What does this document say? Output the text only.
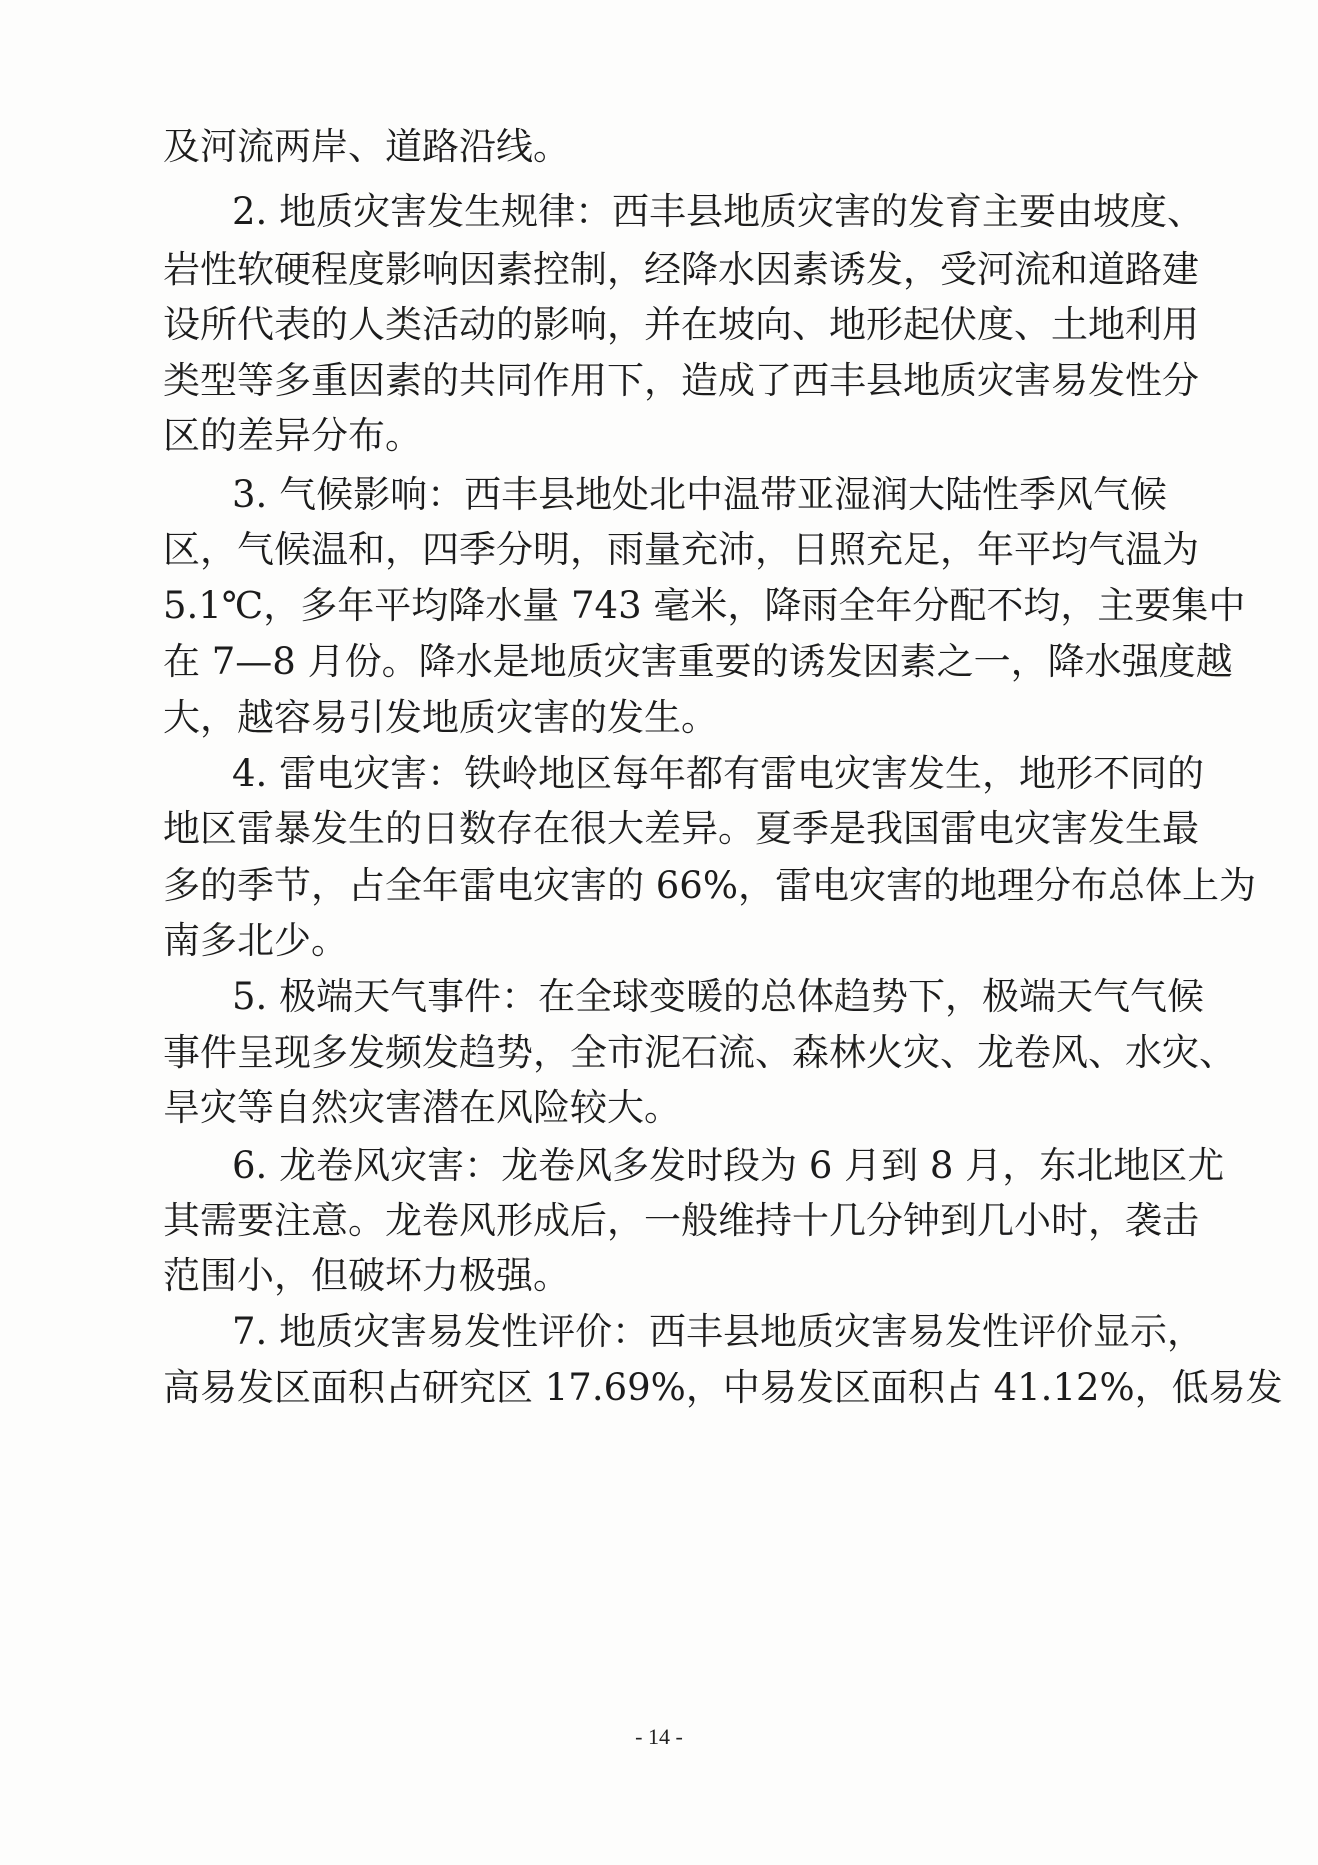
及河流两岸、道路沿线。
2. 地质灾害发生规律：西丰县地质灾害的发育主要由坡度、
岩性软硬程度影响因素控制，经降水因素诱发，受河流和道路建
设所代表的人类活动的影响，并在坡向、地形起伏度、土地利用
类型等多重因素的共同作用下，造成了西丰县地质灾害易发性分
区的差异分布。
3. 气候影响：西丰县地处北中温带亚湿润大陆性季风气候
区，气候温和，四季分明，雨量充沛，日照充足，年平均气温为
5.1℃，多年平均降水量 743 毫米，降雨全年分配不均，主要集中
在 7—8 月份。降水是地质灾害重要的诱发因素之一，降水强度越
大，越容易引发地质灾害的发生。
4. 雷电灾害：铁岭地区每年都有雷电灾害发生，地形不同的
地区雷暴发生的日数存在很大差异。夏季是我国雷电灾害发生最
多的季节，占全年雷电灾害的 66%，雷电灾害的地理分布总体上为
南多北少。
5. 极端天气事件：在全球变暖的总体趋势下，极端天气气候
事件呈现多发频发趋势，全市泥石流、森林火灾、龙卷风、水灾、
旱灾等自然灾害潜在风险较大。
6. 龙卷风灾害：龙卷风多发时段为 6 月到 8 月，东北地区尤
其需要注意。龙卷风形成后，一般维持十几分钟到几小时，袭击
范围小，但破坏力极强。
7. 地质灾害易发性评价：西丰县地质灾害易发性评价显示，
高易发区面积占研究区 17.69%，中易发区面积占 41.12%，低易发
- 14 -
